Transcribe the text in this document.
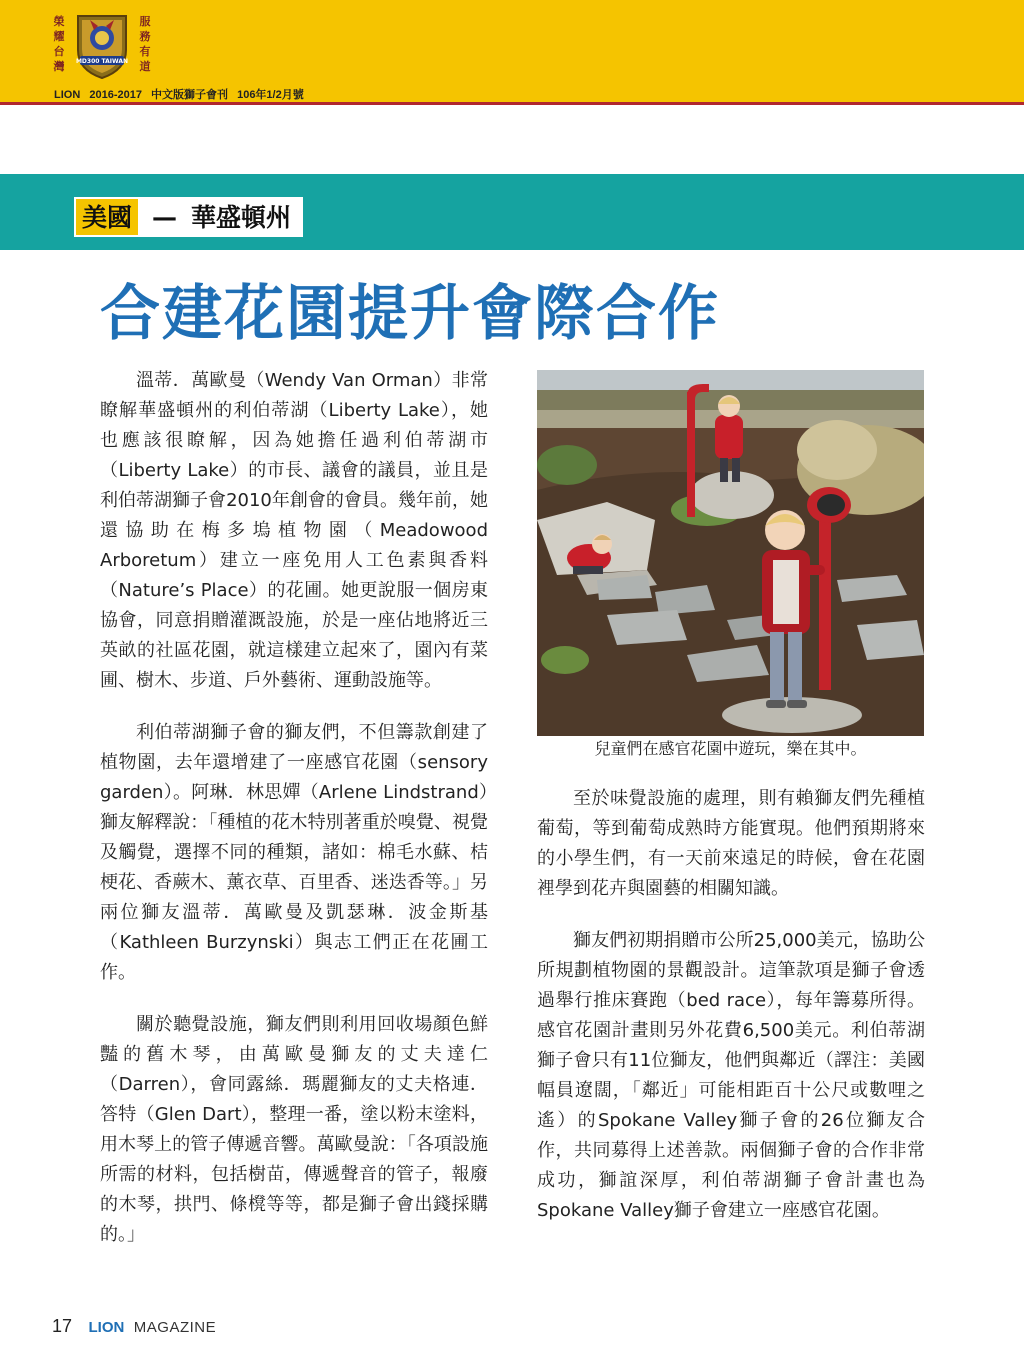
榮
耀
台
灣	MD300 TAIWAN
服
務
有
道
LION 2016-2017 中文版獅子會刊 106年1/2月號
美國 — 華盛頓州
合建花園提升會際合作

溫蒂．萬歐曼（Wendy Van Orman）非常瞭解華盛頓州的利伯蒂湖（Liberty Lake），她也應該很瞭解，因為她擔任過利伯蒂湖市（Liberty Lake）的市長、議會的議員，並且是利伯蒂湖獅子會2010年創會的會員。幾年前，她還協助在梅多塢植物園（Meadowood Arboretum）建立一座免用人工色素與香料（Nature’s Place）的花圃。她更說服一個房東協會，同意捐贈灌溉設施，於是一座佔地將近三英畝的社區花園，就這樣建立起來了，園內有菜圃、樹木、步道、戶外藝術、運動設施等。

利伯蒂湖獅子會的獅友們，不但籌款創建了植物園，去年還增建了一座感官花園（sensory garden）。阿琳．林思嬋（Arlene Lindstrand）獅友解釋說：「種植的花木特別著重於嗅覺、視覺及觸覺，選擇不同的種類，諸如：棉毛水蘇、桔梗花、香蕨木、薰衣草、百里香、迷迭香等。」另兩位獅友溫蒂．萬歐曼及凱瑟琳．波金斯基（Kathleen Burzynski）與志工們正在花圃工作。

關於聽覺設施，獅友們則利用回收場顏色鮮豔的舊木琴，由萬歐曼獅友的丈夫達仁（Darren），會同露絲．瑪麗獅友的丈夫格連．答特（Glen Dart），整理一番，塗以粉末塗料，用木琴上的管子傳遞音響。萬歐曼說：「各項設施所需的材料，包括樹苗，傳遞聲音的管子，報廢的木琴，拱門、條櫈等等，都是獅子會出錢採購的。」

兒童們在感官花園中遊玩，樂在其中。

至於味覺設施的處理，則有賴獅友們先種植葡萄，等到葡萄成熟時方能實現。他們預期將來的小學生們，有一天前來遠足的時候，會在花園裡學到花卉與園藝的相關知識。

獅友們初期捐贈市公所25,000美元，協助公所規劃植物園的景觀設計。這筆款項是獅子會透過舉行推床賽跑（bed race），每年籌募所得。感官花園計畫則另外花費6,500美元。利伯蒂湖獅子會只有11位獅友，他們與鄰近（譯注：美國幅員遼闊，「鄰近」可能相距百十公尺或數哩之遙）的Spokane Valley獅子會的26位獅友合作，共同募得上述善款。兩個獅子會的合作非常成功，獅誼深厚，利伯蒂湖獅子會計畫也為Spokane Valley獅子會建立一座感官花園。

17 LION MAGAZINE
